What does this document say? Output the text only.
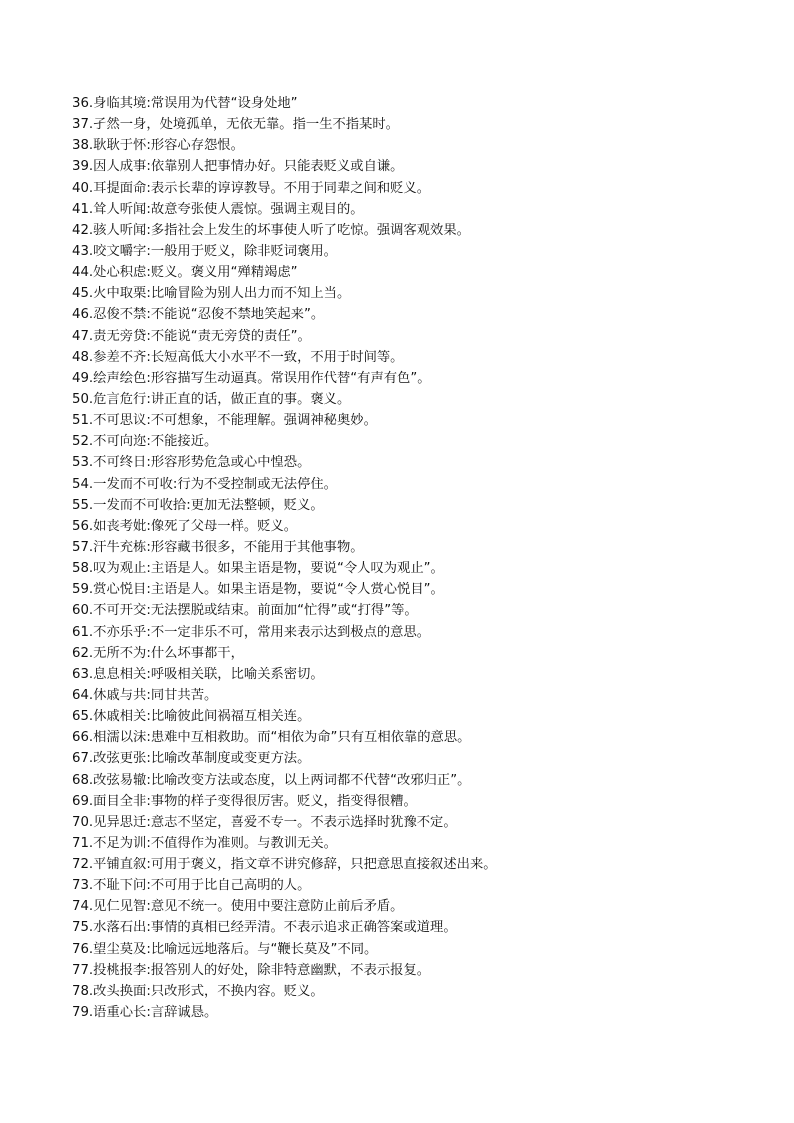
36.身临其境:常误用为代替“设身处地”
37.孑然一身，处境孤单，无依无靠。指一生不指某时。
38.耿耿于怀:形容心存怨恨。
39.因人成事:依靠别人把事情办好。只能表贬义或自谦。
40.耳提面命:表示长辈的谆谆教导。不用于同辈之间和贬义。
41.耸人听闻:故意夸张使人震惊。强调主观目的。
42.骇人听闻:多指社会上发生的坏事使人听了吃惊。强调客观效果。
43.咬文嚼字:一般用于贬义，除非贬词褒用。
44.处心积虑:贬义。褒义用“殚精竭虑”
45.火中取栗:比喻冒险为别人出力而不知上当。
46.忍俊不禁:不能说“忍俊不禁地笑起来”。
47.责无旁贷:不能说“责无旁贷的责任”。
48.参差不齐:长短高低大小水平不一致，不用于时间等。
49.绘声绘色:形容描写生动逼真。常误用作代替“有声有色”。
50.危言危行:讲正直的话，做正直的事。褒义。
51.不可思议:不可想象，不能理解。强调神秘奥妙。
52.不可向迩:不能接近。
53.不可终日:形容形势危急或心中惶恐。
54.一发而不可收:行为不受控制或无法停住。
55.一发而不可收拾:更加无法整顿，贬义。
56.如丧考妣:像死了父母一样。贬义。
57.汗牛充栋:形容藏书很多，不能用于其他事物。
58.叹为观止:主语是人。如果主语是物，要说“令人叹为观止”。
59.赏心悦目:主语是人。如果主语是物，要说“令人赏心悦目”。
60.不可开交:无法摆脱或结束。前面加“忙得”或“打得”等。
61.不亦乐乎:不一定非乐不可，常用来表示达到极点的意思。
62.无所不为:什么坏事都干，
63.息息相关:呼吸相关联，比喻关系密切。
64.休戚与共:同甘共苦。
65.休戚相关:比喻彼此间祸福互相关连。
66.相濡以沫:患难中互相救助。而“相依为命”只有互相依靠的意思。
67.改弦更张:比喻改革制度或变更方法。
68.改弦易辙:比喻改变方法或态度，以上两词都不代替“改邪归正”。
69.面目全非:事物的样子变得很厉害。贬义，指变得很糟。
70.见异思迁:意志不坚定，喜爱不专一。不表示选择时犹豫不定。
71.不足为训:不值得作为准则。与教训无关。
72.平铺直叙:可用于褒义，指文章不讲究修辞，只把意思直接叙述出来。
73.不耻下问:不可用于比自己高明的人。
74.见仁见智:意见不统一。使用中要注意防止前后矛盾。
75.水落石出:事情的真相已经弄清。不表示追求正确答案或道理。
76.望尘莫及:比喻远远地落后。与“鞭长莫及”不同。
77.投桃报李:报答别人的好处，除非特意幽默，不表示报复。
78.改头换面:只改形式，不换内容。贬义。
79.语重心长:言辞诚恳。
